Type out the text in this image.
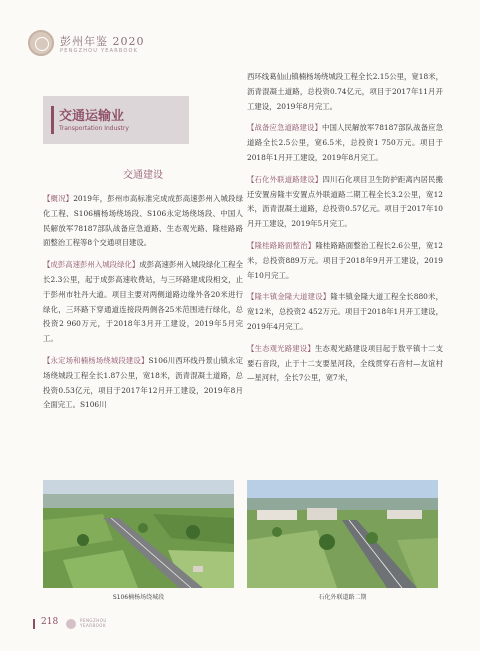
彭州年鉴 2020
PENGZHOU YEARBOOK
交通运输业
Transportation Industry
交通建设

【概况】2019年，彭州市高标准完成成彭高速彭州入城段绿化工程、S106楠杨场绕场段、S106永定场绕场段、中国人民解放军78187部队战备应急道路、生态观光路、隆桂路路面整治工程等8个交通项目建设。

【成彭高速彭州入城段绿化】成彭高速彭州入城段绿化工程全长2.3公里，起于成彭高速收费站，与三环路建成段相交，止于彭州市牡丹大道。项目主要对两侧道路边缘外各20米进行绿化，三环路下穿通道连接段两侧各25米范围进行绿化，总投资2 960万元，于2018年3月开工建设，2019年5月完工。

【永定场和楠杨场绕城段建设】S106川西环线丹景山镇永定场绕城段工程全长1.87公里，宽18米，沥青混凝土道路，总投资0.53亿元，项目于2017年12月开工建设，2019年8月全面完工。S106川

西环线葛仙山镇楠杨场绕城段工程全长2.15公里，宽18米，沥青混凝土道路，总投资0.74亿元，项目于2017年11月开工建设，2019年8月完工。

【战备应急道路建设】中国人民解放军78187部队战备应急道路全长2.5公里，宽6.5米，总投资1 750万元。项目于2018年1月开工建设，2019年8月完工。

【石化外联道路建设】四川石化项目卫生防护距离内居民搬迁安置房隆丰安置点外联道路二期工程全长3.2公里，宽12米，沥青混凝土道路，总投资0.57亿元。项目于2017年10月开工建设，2019年5月完工。

【隆桂路路面整治】隆桂路路面整治工程长2.6公里，宽12米，总投资889万元。项目于2018年9月开工建设，2019年10月完工。

【隆丰镇金隆大道建设】隆丰镇金隆大道工程全长880米，宽12米，总投资2 452万元。项目于2018年1月开工建设，2019年4月完工。

【生态观光路建设】生态观光路建设项目起于敖平镇十二支要石音段，止于十二支要星河段，全线贯穿石音村—友谊村—星河村，全长7公里，宽7米，

S106楠杨场绕城段	石化外联道路二期
218	PENGZHOU
YEARBOOK
